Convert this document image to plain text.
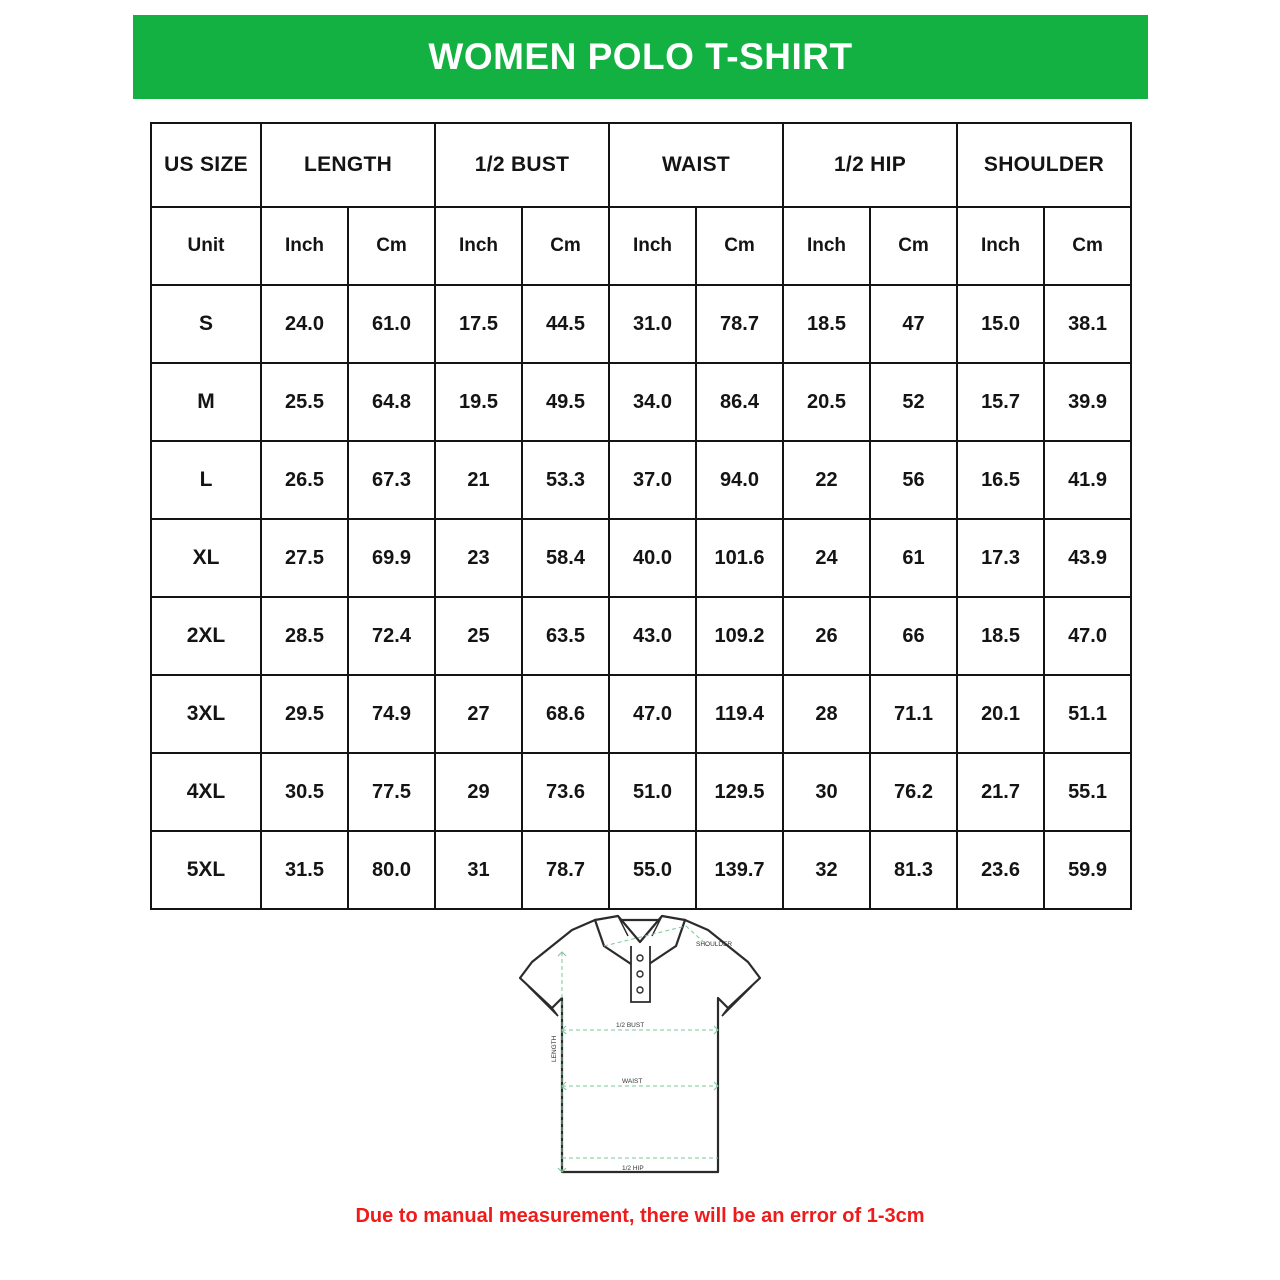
WOMEN POLO T-SHIRT
US SIZE	LENGTH		1/2 BUST		WAIST		1/2 HIP		SHOULDER	
Unit	Inch	Cm	Inch	Cm	Inch	Cm	Inch	Cm	Inch	Cm
S	24.0	61.0	17.5	44.5	31.0	78.7	18.5	47	15.0	38.1
M	25.5	64.8	19.5	49.5	34.0	86.4	20.5	52	15.7	39.9
L	26.5	67.3	21	53.3	37.0	94.0	22	56	16.5	41.9
XL	27.5	69.9	23	58.4	40.0	101.6	24	61	17.3	43.9
2XL	28.5	72.4	25	63.5	43.0	109.2	26	66	18.5	47.0
3XL	29.5	74.9	27	68.6	47.0	119.4	28	71.1	20.1	51.1
4XL	30.5	77.5	29	73.6	51.0	129.5	30	76.2	21.7	55.1
5XL	31.5	80.0	31	78.7	55.0	139.7	32	81.3	23.6	59.9
SHOULDER
LENGTH
1/2 BUST
WAIST
1/2 HIP
Due to manual measurement, there will be an error of 1-3cm
